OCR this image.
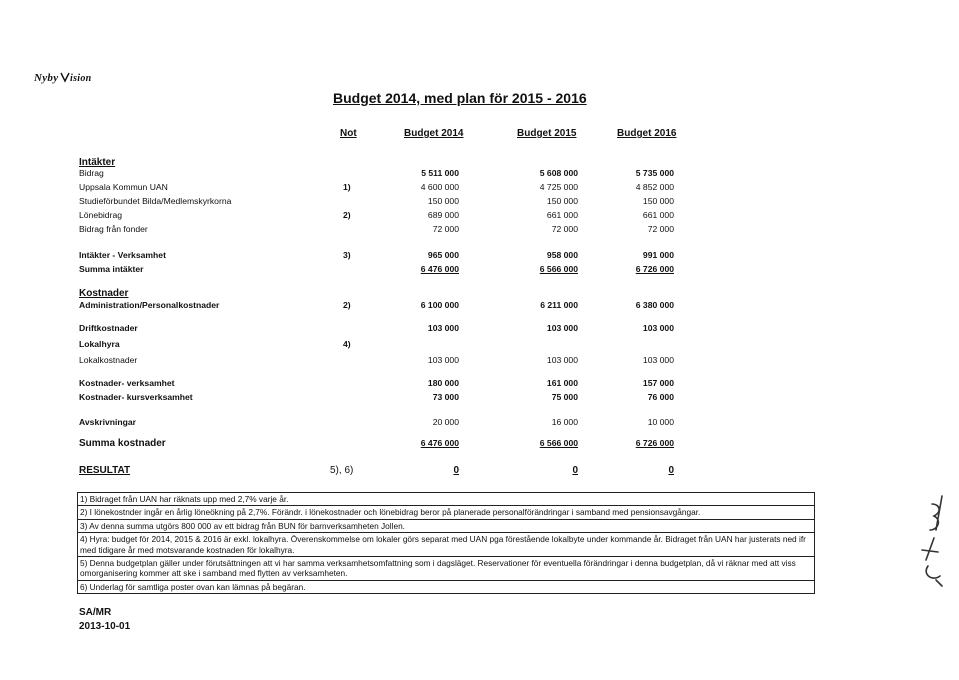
Nyby ision
Budget 2014, med plan för 2015 - 2016
Not	Budget 2014	Budget 2015	Budget 2016
Intäkter
Kostnader
Bidrag	5 511 000	5 608 000	5 735 000
Uppsala Kommun UAN	1)	4 600 000	4 725 000	4 852 000
Studieförbundet Bilda/Medlemskyrkorna	150 000	150 000	150 000
Lönebidrag	2)	689 000	661 000	661 000
Bidrag från fonder	72 000	72 000	72 000
Intäkter - Verksamhet	3)	965 000	958 000	991 000
Summa intäkter	6 476 000	6 566 000	6 726 000
Administration/Personalkostnader	2)	6 100 000	6 211 000	6 380 000
Driftkostnader	103 000	103 000	103 000
Lokalhyra	4)
Lokalkostnader	103 000	103 000	103 000
Kostnader- verksamhet	180 000	161 000	157 000
Kostnader- kursverksamhet	73 000	75 000	76 000
Avskrivningar	20 000	16 000	10 000
Summa kostnader	6 476 000	6 566 000	6 726 000
RESULTAT	5), 6)	0	0	0
1) Bidraget från UAN har räknats upp med 2,7% varje år.
2) I lönekostnder ingår en årlig löneökning på 2,7%. Förändr. i lönekostnader och lönebidrag beror på planerade personalförändringar i samband med pensionsavgångar.
3) Av denna summa utgörs 800 000 av ett bidrag från BUN för barnverksamheten Jollen.
4) Hyra: budget för 2014, 2015 & 2016 är exkl. lokalhyra. Överenskommelse om lokaler görs separat med UAN pga förestående lokalbyte under kommande år. Bidraget från UAN har justerats ned ifr med tidigare år med motsvarande kostnaden för lokalhyra.
5) Denna budgetplan gäller under förutsättningen att vi har samma verksamhetsomfattning som i dagsläget. Reservationer för eventuella förändringar i denna budgetplan, då vi räknar med att viss omorganisering kommer att ske i samband med flytten av verksamheten.
6) Underlag för samtliga poster ovan kan lämnas på begäran.
SA/MR
2013-10-01
